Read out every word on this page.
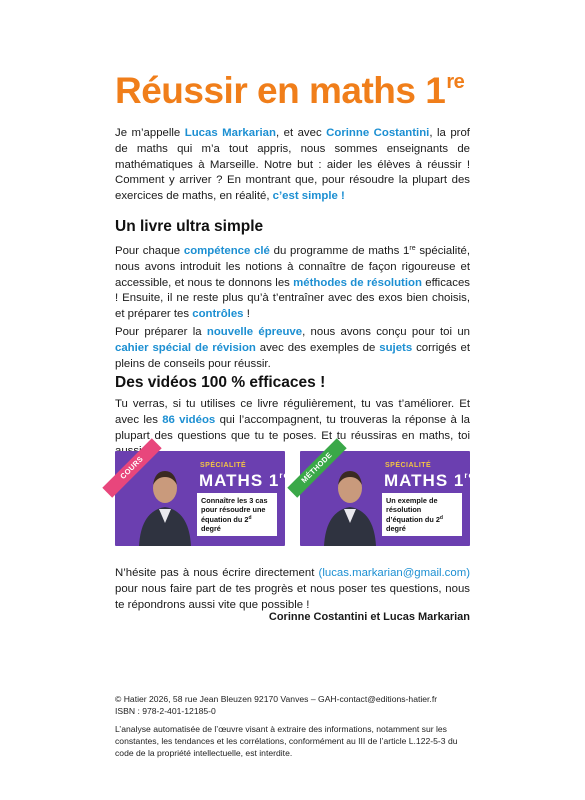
Réussir en maths 1re

Je m’appelle Lucas Markarian, et avec Corinne Costantini, la prof de maths qui m’a tout appris, nous sommes enseignants de mathématiques à Marseille. Notre but : aider les élèves à réussir ! Comment y arriver ? En montrant que, pour résoudre la plupart des exercices de maths, en réalité, c’est simple !

Un livre ultra simple

Pour chaque compétence clé du programme de maths 1re spécialité, nous avons introduit les notions à connaître de façon rigoureuse et accessible, et nous te donnons les méthodes de résolution efficaces ! Ensuite, il ne reste plus qu’à t’entraîner avec des exos bien choisis, et préparer tes contrôles !

Pour préparer la nouvelle épreuve, nous avons conçu pour toi un cahier spécial de révision avec des exemples de sujets corrigés et pleins de conseils pour réussir.

Des vidéos 100 % efficaces !

Tu verras, si tu utilises ce livre régulièrement, tu vas t’améliorer. Et avec les 86 vidéos qui l’accompagnent, tu trouveras la réponse à la plupart des questions que tu te poses. Et tu réussiras en maths, toi

COURS	SPÉCIALITÉ
MATHS 1re
Connaître les 3 cas pour résoudre une équation du 2$^d$ degré
MÉTHODE	SPÉCIALITÉ
MATHS 1re
Un exemple de résolution d’équation du 2$^d$ degré

N’hésite pas à nous écrire directement (lucas.markarian@gmail.com) pour nous faire part de tes progrès et nous poser tes questions, nous te répondrons aussi vite que possible !

Corinne Costantini et Lucas Markarian
© Hatier 2026, 58 rue Jean Bleuzen 92170 Vanves – GAH-contact@editions-hatier.fr
ISBN : 978-2-401-12185-0
L’analyse automatisée de l’œuvre visant à extraire des informations, notamment sur les constantes, les tendances et les corrélations, conformément au III de l’article L.122-5-3 du code de la propriété intellectuelle, est interdite.
